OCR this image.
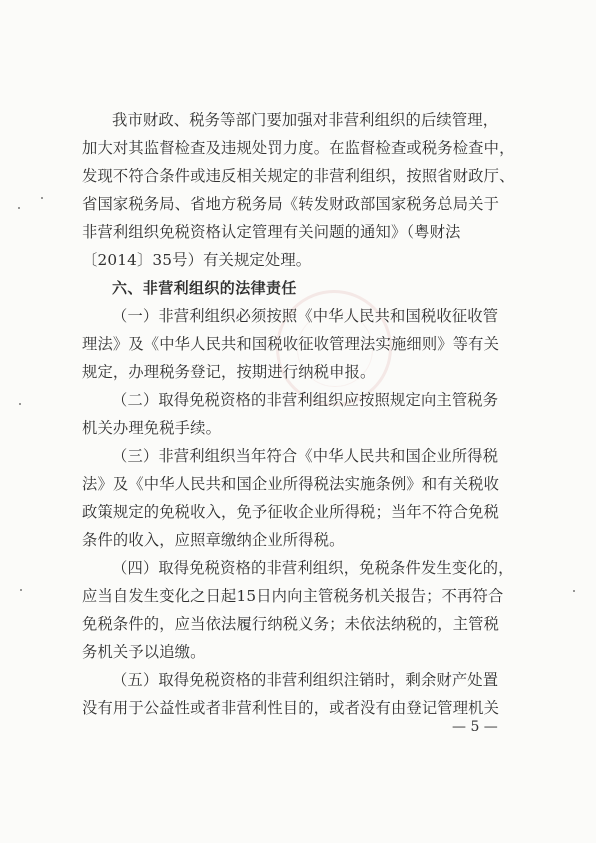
我市财政、税务等部门要加强对非营利组织的后续管理，
加大对其监督检查及违规处罚力度。在监督检查或税务检查中，
发现不符合条件或违反相关规定的非营利组织，按照省财政厅、
省国家税务局、省地方税务局《转发财政部国家税务总局关于
非营利组织免税资格认定管理有关问题的通知》（粤财法
〔2014〕35号）有关规定处理。
六、非营利组织的法律责任
（一）非营利组织必须按照《中华人民共和国税收征收管
理法》及《中华人民共和国税收征收管理法实施细则》等有关
规定，办理税务登记，按期进行纳税申报。
（二）取得免税资格的非营利组织应按照规定向主管税务
机关办理免税手续。
（三）非营利组织当年符合《中华人民共和国企业所得税
法》及《中华人民共和国企业所得税法实施条例》和有关税收
政策规定的免税收入，免予征收企业所得税；当年不符合免税
条件的收入，应照章缴纳企业所得税。
（四）取得免税资格的非营利组织，免税条件发生变化的，
应当自发生变化之日起15日内向主管税务机关报告；不再符合
免税条件的，应当依法履行纳税义务；未依法纳税的，主管税
务机关予以追缴。
（五）取得免税资格的非营利组织注销时，剩余财产处置
没有用于公益性或者非营利性目的，或者没有由登记管理机关
— 5 —
